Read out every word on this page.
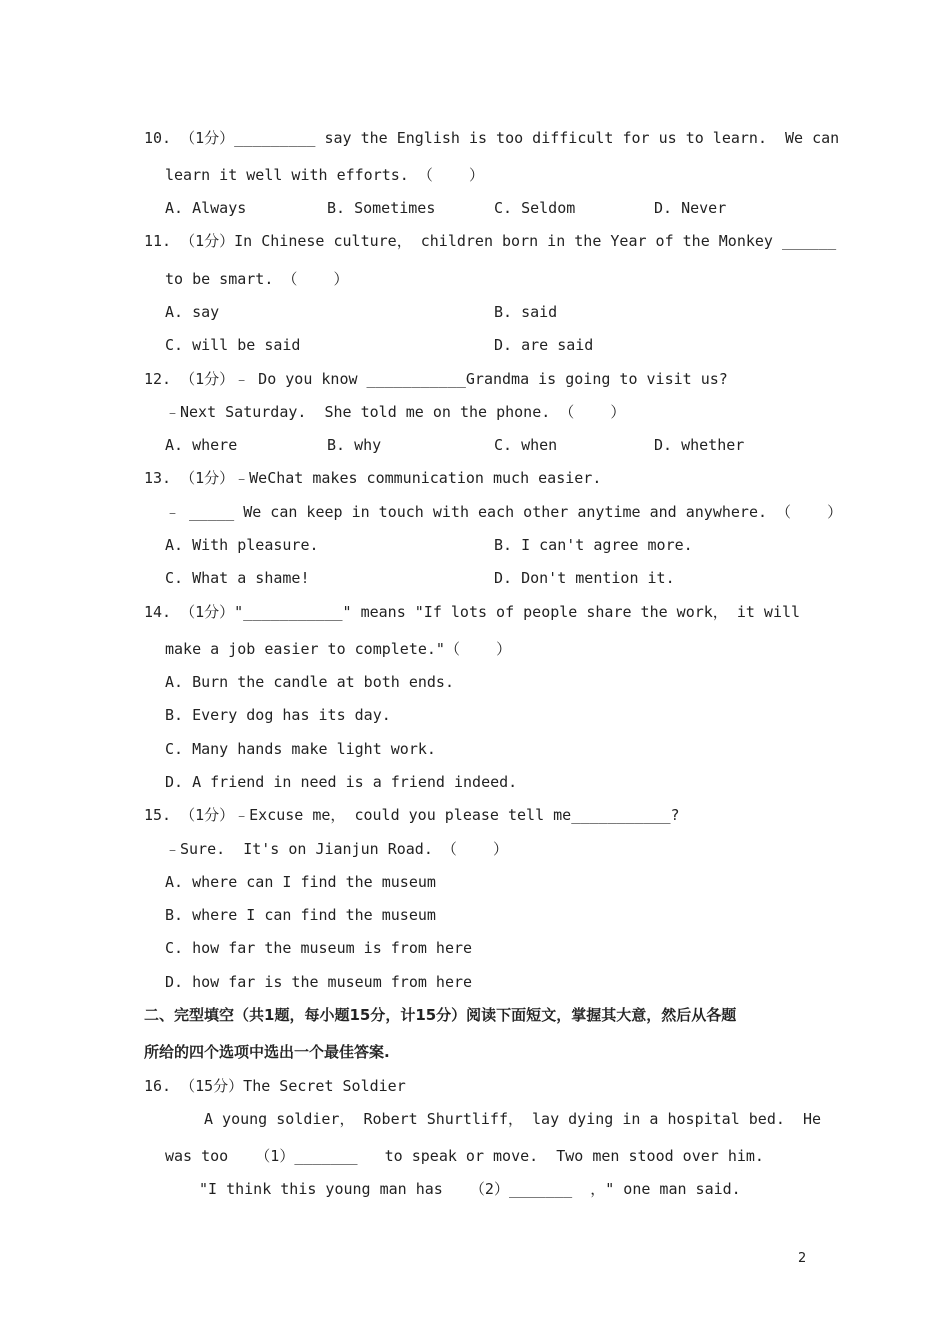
10. （1分）_________ say the English is too difficult for us to learn.  We can
learn it well with efforts. （    ）
A. Always	B. Sometimes	C. Seldom	D. Never
11. （1分）In Chinese culture， children born in the Year of the Monkey ______
to be smart. （    ）
A. say	B. said
C. will be said	D. are said
12. （1分）﹣ Do you know ___________Grandma is going to visit us?
﹣Next Saturday.  She told me on the phone. （    ）
A. where	B. why	C. when	D. whether
13. （1分）﹣WeChat makes communication much easier.
﹣ _____ We can keep in touch with each other anytime and anywhere. （    ）
A. With pleasure.	B. I can't agree more.
C. What a shame!	D. Don't mention it.
14. （1分）"___________" means "If lots of people share the work， it will
make a job easier to complete."（    ）
A. Burn the candle at both ends.
B. Every dog has its day.
C. Many hands make light work.
D. A friend in need is a friend indeed.
15. （1分）﹣Excuse me， could you please tell me___________?
﹣Sure.  It's on Jianjun Road. （    ）
A. where can I find the museum
B. where I can find the museum
C. how far the museum is from here
D. how far is the museum from here
二、完型填空（共1题，每小题15分，计15分）阅读下面短文，掌握其大意，然后从各题
所给的四个选项中选出一个最佳答案.
16. （15分）The Secret Soldier
A young soldier， Robert Shurtliff， lay dying in a hospital bed.  He
was too   （1）_______   to speak or move.  Two men stood over him.
"I think this young man has   （2）_______  ，" one man said.
2
